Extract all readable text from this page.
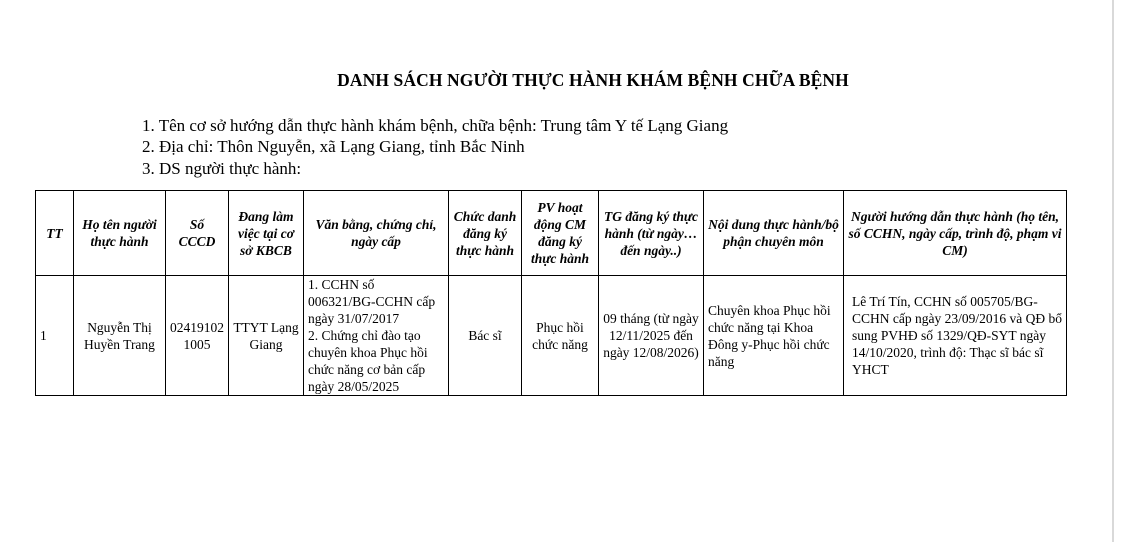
DANH SÁCH NGƯỜI THỰC HÀNH KHÁM BỆNH CHỮA BỆNH
1. Tên cơ sở hướng dẫn thực hành khám bệnh, chữa bệnh: Trung tâm Y tế Lạng Giang
2. Địa chỉ: Thôn Nguyễn, xã Lạng Giang, tỉnh Bắc Ninh
3. DS người thực hành:
TT	Họ tên người thực hành	Số CCCD	Đang làm việc tại cơ sở KBCB	Văn bằng, chứng chỉ, ngày cấp	Chức danh đăng ký thực hành	PV hoạt động CM đăng ký thực hành	TG đăng ký thực hành (từ ngày…đến ngày..)	Nội dung thực hành/bộ phận chuyên môn	Người hướng dẫn thực hành (họ tên, số CCHN, ngày cấp, trình độ, phạm vi CM)
1	Nguyễn Thị Huyền Trang	024191021005	TTYT Lạng Giang	1. CCHN số 006321/BG-CCHN cấp ngày 31/07/2017
2. Chứng chỉ đào tạo chuyên khoa Phục hồi chức năng cơ bản cấp ngày 28/05/2025	Bác sĩ	Phục hồi chức năng	09 tháng (từ ngày 12/11/2025 đến ngày 12/08/2026)	Chuyên khoa Phục hồi chức năng tại Khoa Đông y-Phục hồi chức năng	Lê Trí Tín, CCHN số 005705/BG-CCHN cấp ngày 23/09/2016 và QĐ bổ sung PVHĐ số 1329/QĐ-SYT ngày 14/10/2020, trình độ: Thạc sĩ bác sĩ YHCT
